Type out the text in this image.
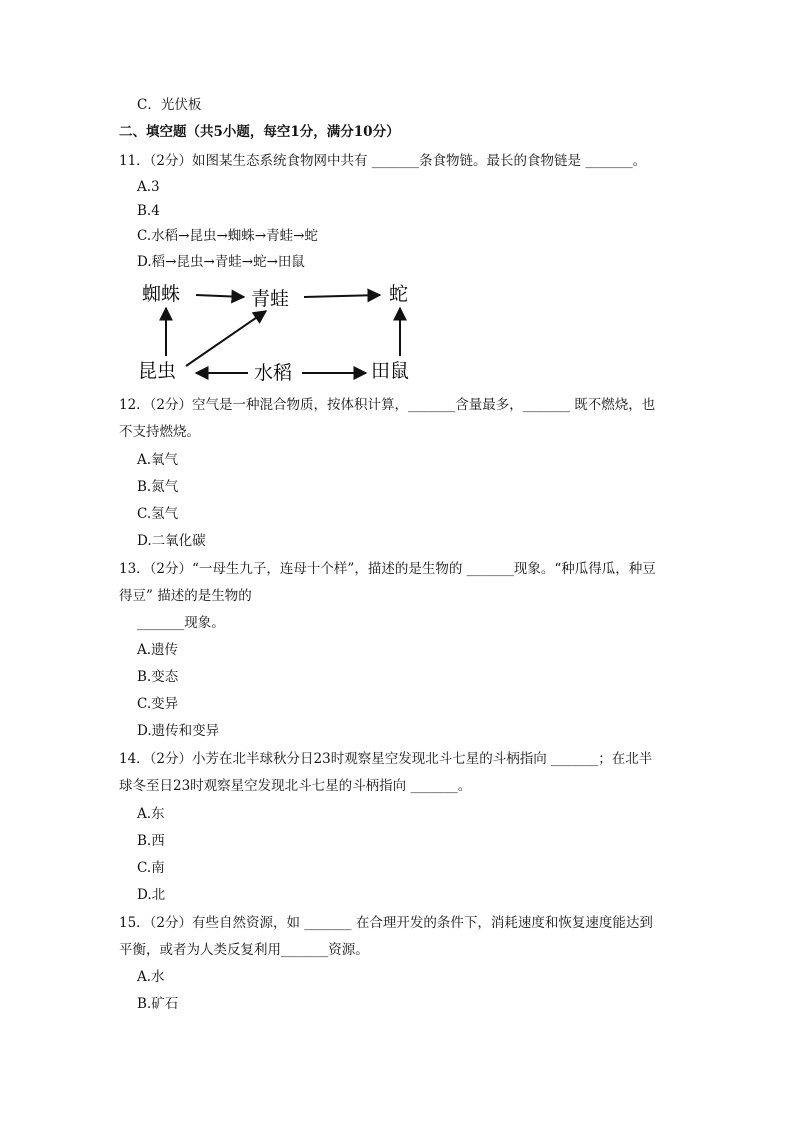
C．光伏板
二、填空题（共5小题，每空1分，满分10分）
11．（2分）如图某生态系统食物网中共有 _______条食物链。最长的食物链是 _______。
A.3
B.4
C.水稻→昆虫→蜘蛛→青蛙→蛇
D.稻→昆虫→青蛙→蛇→田鼠
蜘蛛	青蛙	蛇
昆虫	水稻	田鼠
12．（2分）空气是一种混合物质，按体积计算，_______含量最多，_______ 既不燃烧，也
不支持燃烧。
A.氧气
B.氮气
C.氢气
D.二氧化碳
13．（2分）“一母生九子，连母十个样”，描述的是生物的 _______现象。“种瓜得瓜，种豆
得豆” 描述的是生物的
_______现象。
A.遗传
B.变态
C.变异
D.遗传和变异
14．（2分）小芳在北半球秋分日23时观察星空发现北斗七星的斗柄指向 _______；在北半
球冬至日23时观察星空发现北斗七星的斗柄指向 _______。
A.东
B.西
C.南
D.北
15．（2分）有些自然资源，如 _______ 在合理开发的条件下，消耗速度和恢复速度能达到
平衡，或者为人类反复利用_______资源。
A.水
B.矿石
